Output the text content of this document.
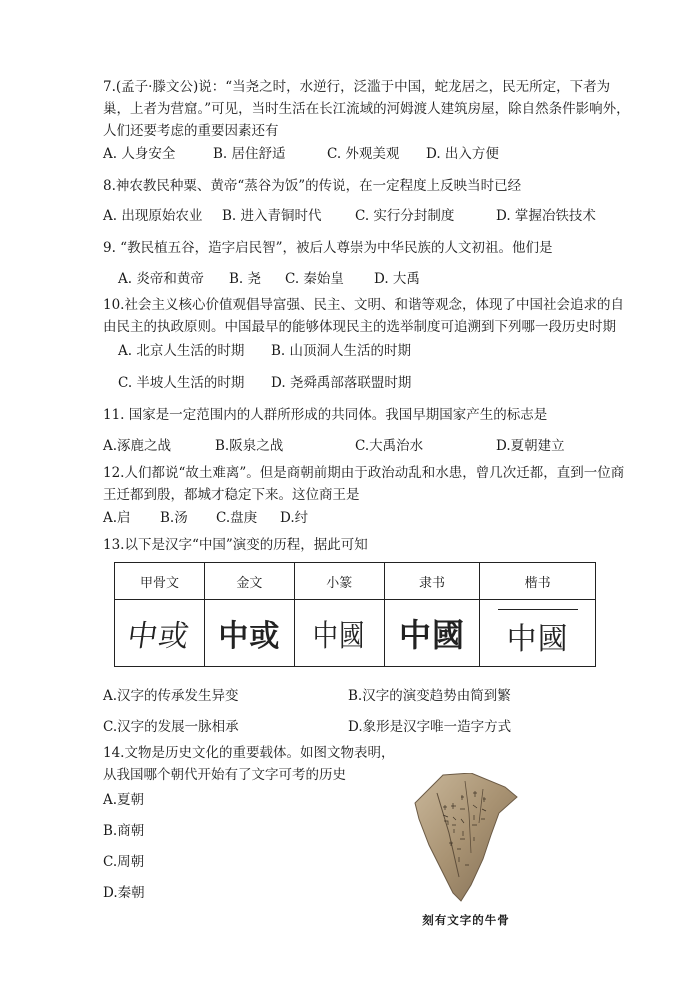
7.(孟子·滕文公)说：“当尧之时，水逆行，泛滥于中国，蛇龙居之，民无所定，下者为
巢，上者为营窟。”可见，当时生活在长江流域的河姆渡人建筑房屋，除自然条件影响外，
人们还要考虑的重要因素还有
A. 人身安全	B. 居住舒适	C. 外观美观 D. 出入方便
8.神农教民种粟、黄帝“蒸谷为饭”的传说，在一定程度上反映当时已经
A. 出现原始农业 B. 进入青铜时代 C. 实行分封制度	D. 掌握冶铁技术
9. “教民植五谷，造字启民智”，被后人尊崇为中华民族的人文初祖。他们是
A. 炎帝和黄帝 B. 尧 C. 秦始皇 D. 大禹
10.社会主义核心价值观倡导富强、民主、文明、和谐等观念，体现了中国社会追求的自
由民主的执政原则。中国最早的能够体现民主的选举制度可追溯到下列哪一段历史时期
A. 北京人生活的时期 B. 山顶洞人生活的时期
C. 半坡人生活的时期 D. 尧舜禹部落联盟时期
11. 国家是一定范围内的人群所形成的共同体。我国早期国家产生的标志是
A.涿鹿之战	B.阪泉之战	C.大禹治水	D.夏朝建立
12.人们都说“故土难离”。但是商朝前期由于政治动乱和水患，曾几次迁都，直到一位商
王迁都到殷，都城才稳定下来。这位商王是
A.启 B.汤 C.盘庚 D.纣
13.以下是汉字“中国”演变的历程，据此可知
甲骨文	金文	小篆	隶书	楷书
中或	中或	中國	中國	中國
A.汉字的传承发生异变	B.汉字的演变趋势由简到繁
C.汉字的发展一脉相承	D.象形是汉字唯一造字方式
14.文物是历史文化的重要载体。如图文物表明，
从我国哪个朝代开始有了文字可考的历史
A.夏朝
B.商朝
C.周朝
D.秦朝
刻有文字的牛骨
